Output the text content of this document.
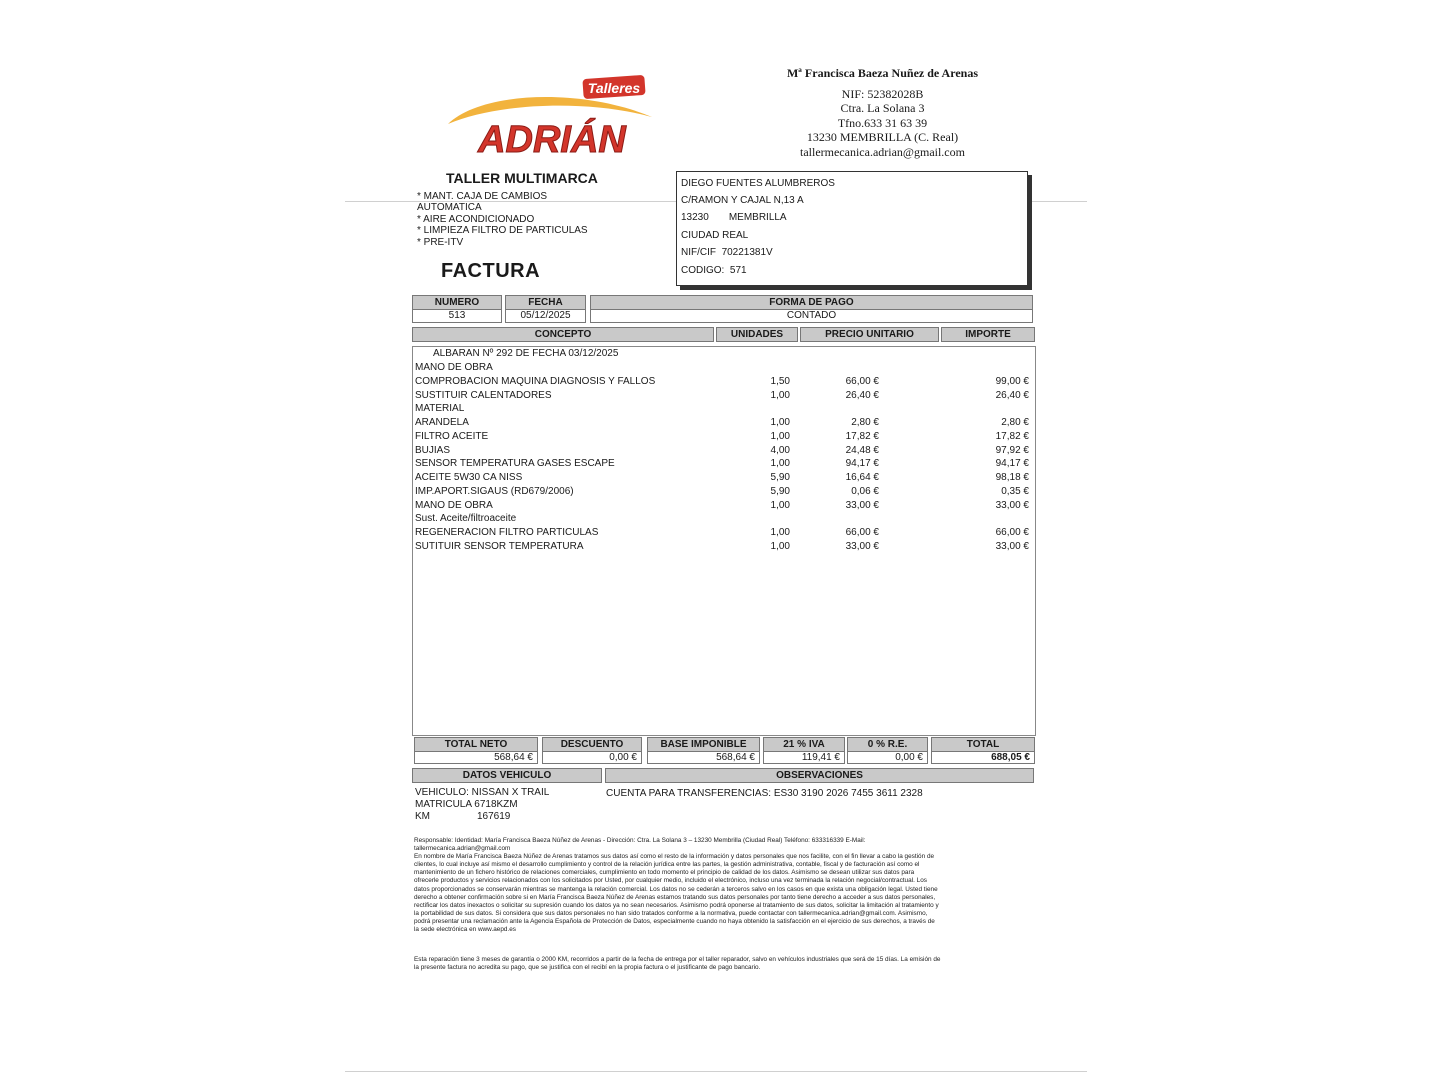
Talleres
ADRIÁN
Mª Francisca Baeza Nuñez de Arenas
NIF: 52382028B
Ctra. La Solana 3
Tfno.633 31 63 39
13230 MEMBRILLA (C. Real)
tallermecanica.adrian@gmail.com
TALLER MULTIMARCA
* MANT. CAJA DE CAMBIOS
AUTOMATICA
* AIRE ACONDICIONADO
* LIMPIEZA FILTRO DE PARTICULAS
* PRE-ITV
FACTURA
DIEGO FUENTES ALUMBREROS
C/RAMON Y CAJAL N,13 A
13230 MEMBRILLA
CIUDAD REAL
NIF/CIF 70221381V
CODIGO: 571
NUMERO
513
FECHA
05/12/2025
FORMA DE PAGO
CONTADO
CONCEPTO	UNIDADES	PRECIO UNITARIO	IMPORTE
ALBARAN Nº 292 DE FECHA 03/12/2025
MANO DE OBRA
COMPROBACION MAQUINA DIAGNOSIS Y FALLOS	1,50	66,00 €	99,00 €
SUSTITUIR CALENTADORES	1,00	26,40 €	26,40 €
MATERIAL
ARANDELA	1,00	2,80 €	2,80 €
FILTRO ACEITE	1,00	17,82 €	17,82 €
BUJIAS	4,00	24,48 €	97,92 €
SENSOR TEMPERATURA GASES ESCAPE	1,00	94,17 €	94,17 €
ACEITE 5W30 CA NISS	5,90	16,64 €	98,18 €
IMP.APORT.SIGAUS (RD679/2006)	5,90	0,06 €	0,35 €
MANO DE OBRA	1,00	33,00 €	33,00 €
Sust. Aceite/filtroaceite
REGENERACION FILTRO PARTICULAS	1,00	66,00 €	66,00 €
SUTITUIR SENSOR TEMPERATURA	1,00	33,00 €	33,00 €
TOTAL NETO
568,64 €
DESCUENTO
0,00 €
BASE IMPONIBLE
568,64 €
21 % IVA
119,41 €
0 % R.E.
0,00 €
TOTAL
688,05 €
DATOS VEHICULO	OBSERVACIONES
VEHICULO: NISSAN X TRAIL
MATRICULA 6718KZM
KM	167619
CUENTA PARA TRANSFERENCIAS: ES30 3190 2026 7455 3611 2328
Responsable: Identidad: María Francisca Baeza Núñez de Arenas - Dirección: Ctra. La Solana 3 – 13230 Membrilla (Ciudad Real) Teléfono: 633316339 E-Mail:
tallermecanica.adrian@gmail.com
En nombre de María Francisca Baeza Núñez de Arenas tratamos sus datos así como el resto de la información y datos personales que nos facilite, con el fin llevar a cabo la gestión de
clientes, lo cual incluye así mismo el desarrollo cumplimiento y control de la relación jurídica entre las partes, la gestión administrativa, contable, fiscal y de facturación así como el
mantenimiento de un fichero histórico de relaciones comerciales, cumplimiento en todo momento el principio de calidad de los datos. Asimismo se desean utilizar sus datos para
ofrecerle productos y servicios relacionados con los solicitados por Usted, por cualquier medio, incluido el electrónico, incluso una vez terminada la relación negocial/contractual. Los
datos proporcionados se conservarán mientras se mantenga la relación comercial. Los datos no se cederán a terceros salvo en los casos en que exista una obligación legal. Usted tiene
derecho a obtener confirmación sobre si en María Francisca Baeza Núñez de Arenas estamos tratando sus datos personales por tanto tiene derecho a acceder a sus datos personales,
rectificar los datos inexactos o solicitar su supresión cuando los datos ya no sean necesarios. Asimismo podrá oponerse al tratamiento de sus datos, solicitar la limitación al tratamiento y
la portabilidad de sus datos. Si considera que sus datos personales no han sido tratados conforme a la normativa, puede contactar con tallermecanica.adrian@gmail.com. Asimismo,
podrá presentar una reclamación ante la Agencia Española de Protección de Datos, especialmente cuando no haya obtenido la satisfacción en el ejercicio de sus derechos, a través de
la sede electrónica en www.aepd.es
Esta reparación tiene 3 meses de garantía o 2000 KM, recorridos a partir de la fecha de entrega por el taller reparador, salvo en vehículos industriales que será de 15 días. La emisión de
la presente factura no acredita su pago, que se justifica con el recibí en la propia factura o el justificante de pago bancario.
